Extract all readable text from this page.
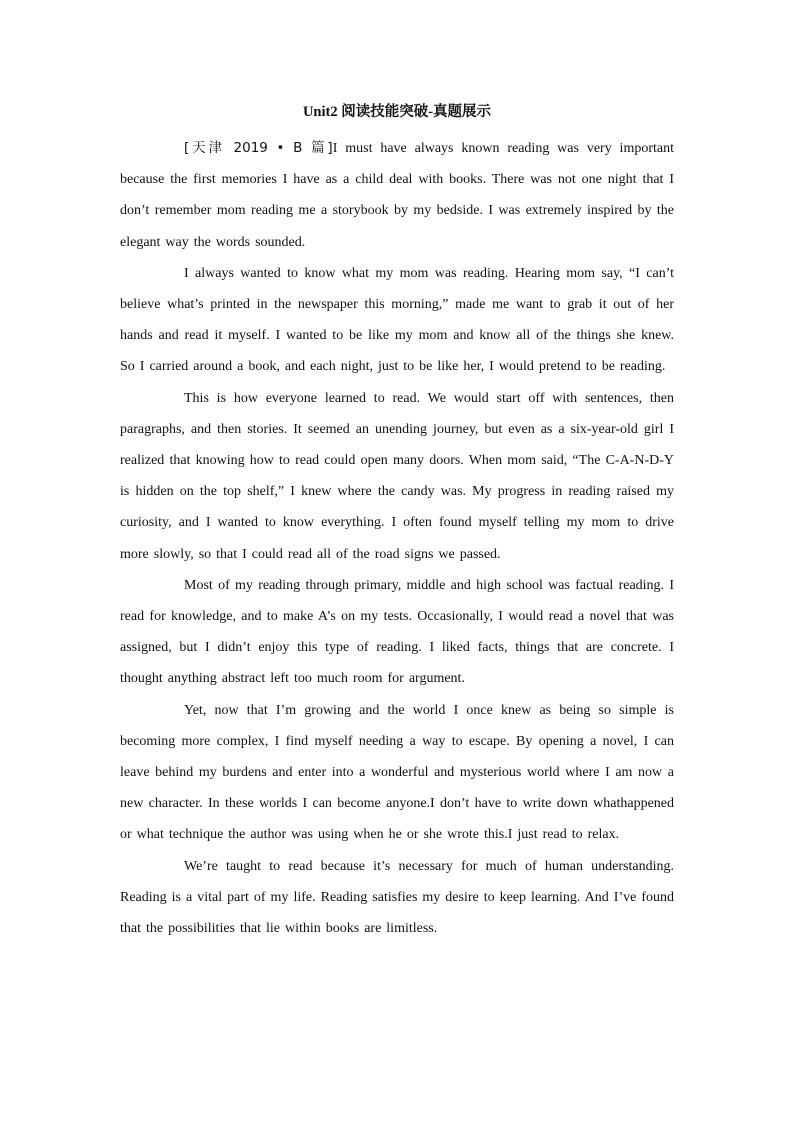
Unit2 阅读技能突破-真题展示

[天津 2019 • B 篇]I must have always known reading was very important because the first memories I have as a child deal with books. There was not one night that I don’t remember mom reading me a storybook by my bedside. I was extremely inspired by the elegant way the words sounded.

I always wanted to know what my mom was reading. Hearing mom say, “I can’t believe what’s printed in the newspaper this morning,” made me want to grab it out of her hands and read it myself. I wanted to be like my mom and know all of the things she knew. So I carried around a book, and each night, just to be like her, I would pretend to be reading.

This is how everyone learned to read. We would start off with sentences, then paragraphs, and then stories. It seemed an unending journey, but even as a six-year-old girl I realized that knowing how to read could open many doors. When mom said, “The C-A-N-D-Y is hidden on the top shelf,” I knew where the candy was. My progress in reading raised my curiosity, and I wanted to know everything. I often found myself telling my mom to drive more slowly, so that I could read all of the road signs we passed.

Most of my reading through primary, middle and high school was factual reading. I read for knowledge, and to make A’s on my tests. Occasionally, I would read a novel that was assigned, but I didn’t enjoy this type of reading. I liked facts, things that are concrete. I thought anything abstract left too much room for argument.

Yet, now that I’m growing and the world I once knew as being so simple is becoming more complex, I find myself needing a way to escape. By opening a novel, I can leave behind my burdens and enter into a wonderful and mysterious world where I am now a new character. In these worlds I can become anyone.I don’t have to write down whathappened or what technique the author was using when he or she wrote this.I just read to relax.

We’re taught to read because it’s necessary for much of human understanding. Reading is a vital part of my life. Reading satisfies my desire to keep learning. And I’ve found that the possibilities that lie within books are limitless.
